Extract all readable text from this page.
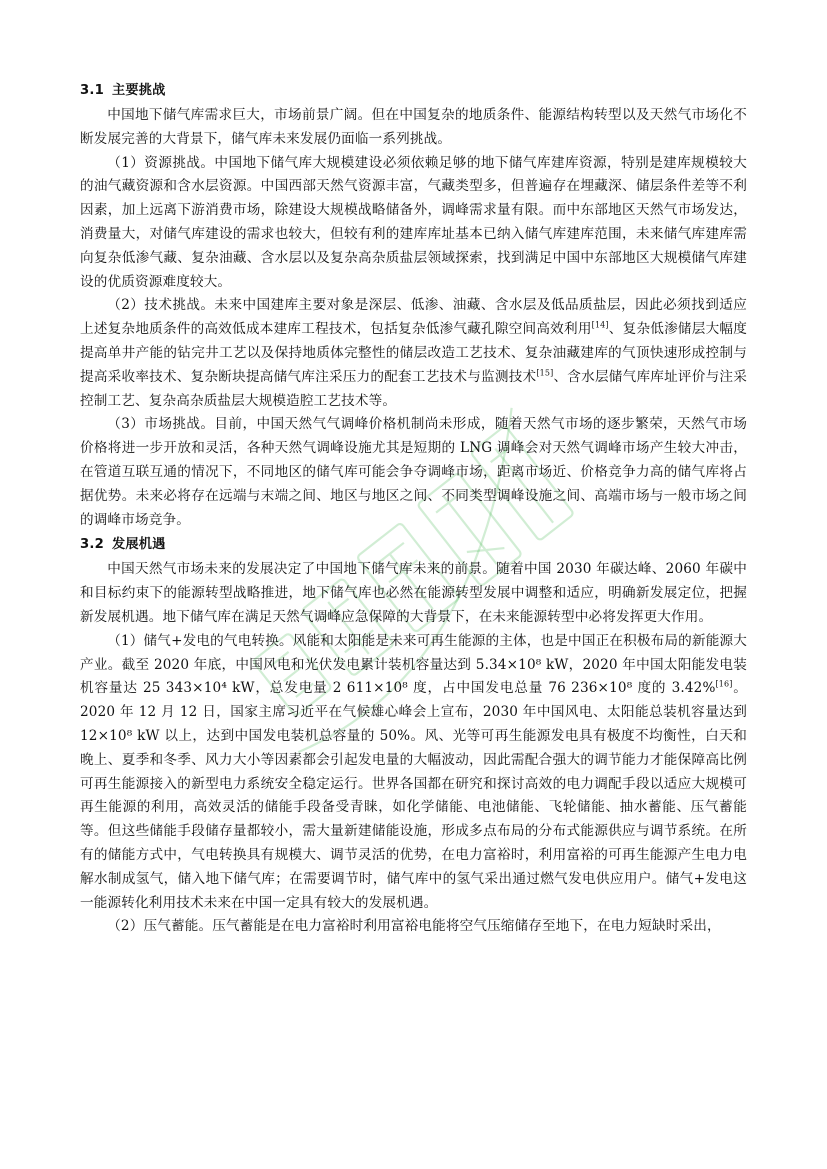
3.1 主要挑战

中国地下储气库需求巨大，市场前景广阔。但在中国复杂的地质条件、能源结构转型以及天然气市场化不断发展完善的大背景下，储气库未来发展仍面临一系列挑战。

（1）资源挑战。中国地下储气库大规模建设必须依赖足够的地下储气库建库资源，特别是建库规模较大的油气藏资源和含水层资源。中国西部天然气资源丰富，气藏类型多，但普遍存在埋藏深、储层条件差等不利因素，加上远离下游消费市场，除建设大规模战略储备外，调峰需求量有限。而中东部地区天然气市场发达，消费量大，对储气库建设的需求也较大，但较有利的建库库址基本已纳入储气库建库范围，未来储气库建库需向复杂低渗气藏、复杂油藏、含水层以及复杂高杂质盐层领域探索，找到满足中国中东部地区大规模储气库建设的优质资源难度较大。

（2）技术挑战。未来中国建库主要对象是深层、低渗、油藏、含水层及低品质盐层，因此必须找到适应上述复杂地质条件的高效低成本建库工程技术，包括复杂低渗气藏孔隙空间高效利用[14]、复杂低渗储层大幅度提高单井产能的钻完井工艺以及保持地质体完整性的储层改造工艺技术、复杂油藏建库的气顶快速形成控制与提高采收率技术、复杂断块提高储气库注采压力的配套工艺技术与监测技术[15]、含水层储气库库址评价与注采控制工艺、复杂高杂质盐层大规模造腔工艺技术等。

（3）市场挑战。目前，中国天然气气调峰价格机制尚未形成，随着天然气市场的逐步繁荣，天然气市场价格将进一步开放和灵活，各种天然气调峰设施尤其是短期的 LNG 调峰会对天然气调峰市场产生较大冲击，在管道互联互通的情况下，不同地区的储气库可能会争夺调峰市场，距离市场近、价格竞争力高的储气库将占据优势。未来必将存在远端与末端之间、地区与地区之间、不同类型调峰设施之间、高端市场与一般市场之间的调峰市场竞争。

3.2 发展机遇

中国天然气市场未来的发展决定了中国地下储气库未来的前景。随着中国 2030 年碳达峰、2060 年碳中和目标约束下的能源转型战略推进，地下储气库也必然在能源转型发展中调整和适应，明确新发展定位，把握新发展机遇。地下储气库在满足天然气调峰应急保障的大背景下，在未来能源转型中必将发挥更大作用。

（1）储气+发电的气电转换。风能和太阳能是未来可再生能源的主体，也是中国正在积极布局的新能源大产业。截至 2020 年底，中国风电和光伏发电累计装机容量达到 5.34×10⁸ kW，2020 年中国太阳能发电装机容量达 25 343×10⁴ kW，总发电量 2 611×10⁸ 度，占中国发电总量 76 236×10⁸ 度的 3.42%[16]。2020 年 12 月 12 日，国家主席习近平在气候雄心峰会上宣布，2030 年中国风电、太阳能总装机容量达到 12×10⁸ kW 以上，达到中国发电装机总容量的 50%。风、光等可再生能源发电具有极度不均衡性，白天和晚上、夏季和冬季、风力大小等因素都会引起发电量的大幅波动，因此需配合强大的调节能力才能保障高比例可再生能源接入的新型电力系统安全稳定运行。世界各国都在研究和探讨高效的电力调配手段以适应大规模可再生能源的利用，高效灵活的储能手段备受青睐，如化学储能、电池储能、飞轮储能、抽水蓄能、压气蓄能等。但这些储能手段储存量都较小，需大量新建储能设施，形成多点布局的分布式能源供应与调节系统。在所有的储能方式中，气电转换具有规模大、调节灵活的优势，在电力富裕时，利用富裕的可再生能源产生电力电解水制成氢气，储入地下储气库；在需要调节时，储气库中的氢气采出通过燃气发电供应用户。储气+发电这一能源转化利用技术未来在中国一定具有较大的发展机遇。

（2）压气蓄能。压气蓄能是在电力富裕时利用富裕电能将空气压缩储存至地下，在电力短缺时采出，
